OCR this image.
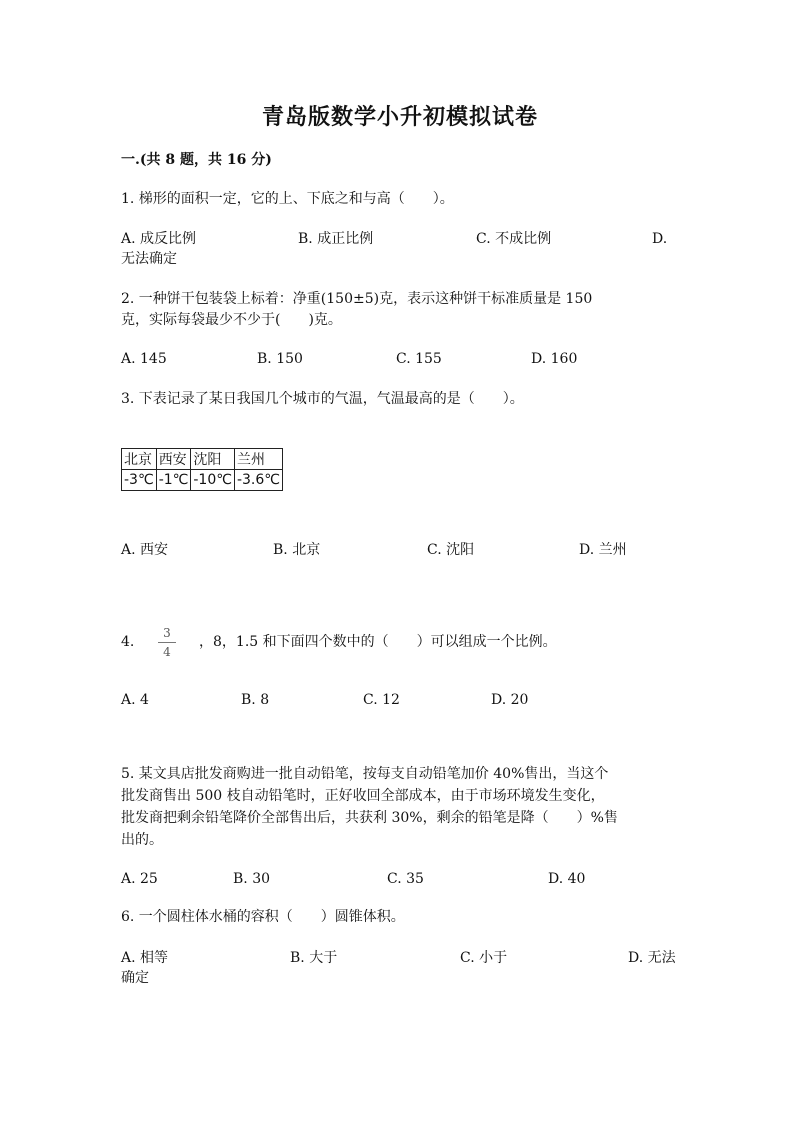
青岛版数学小升初模拟试卷
一.(共 8 题，共 16 分)
1. 梯形的面积一定，它的上、下底之和与高（　　）。
A. 成反比例	B. 成正比例	C. 不成比例	D.
无法确定
2. 一种饼干包装袋上标着：净重(150±5)克，表示这种饼干标准质量是 150
克，实际每袋最少不少于(　　)克。
A. 145	B. 150	C. 155	D. 160
3. 下表记录了某日我国几个城市的气温，气温最高的是（　　）。
北京	西安	沈阳	兰州
-3℃	-1℃	-10℃	-3.6℃
A. 西安	B. 北京	C. 沈阳	D. 兰州
4.
3
4
，8，1.5 和下面四个数中的（　　）可以组成一个比例。
A. 4	B. 8	C. 12	D. 20
5. 某文具店批发商购进一批自动铅笔，按每支自动铅笔加价 40%售出，当这个
批发商售出 500 枝自动铅笔时，正好收回全部成本，由于市场环境发生变化，
批发商把剩余铅笔降价全部售出后，共获利 30%，剩余的铅笔是降（　　）%售
出的。
A. 25	B. 30	C. 35	D. 40
6. 一个圆柱体水桶的容积（　　）圆锥体积。
A. 相等	B. 大于	C. 小于	D. 无法
确定
